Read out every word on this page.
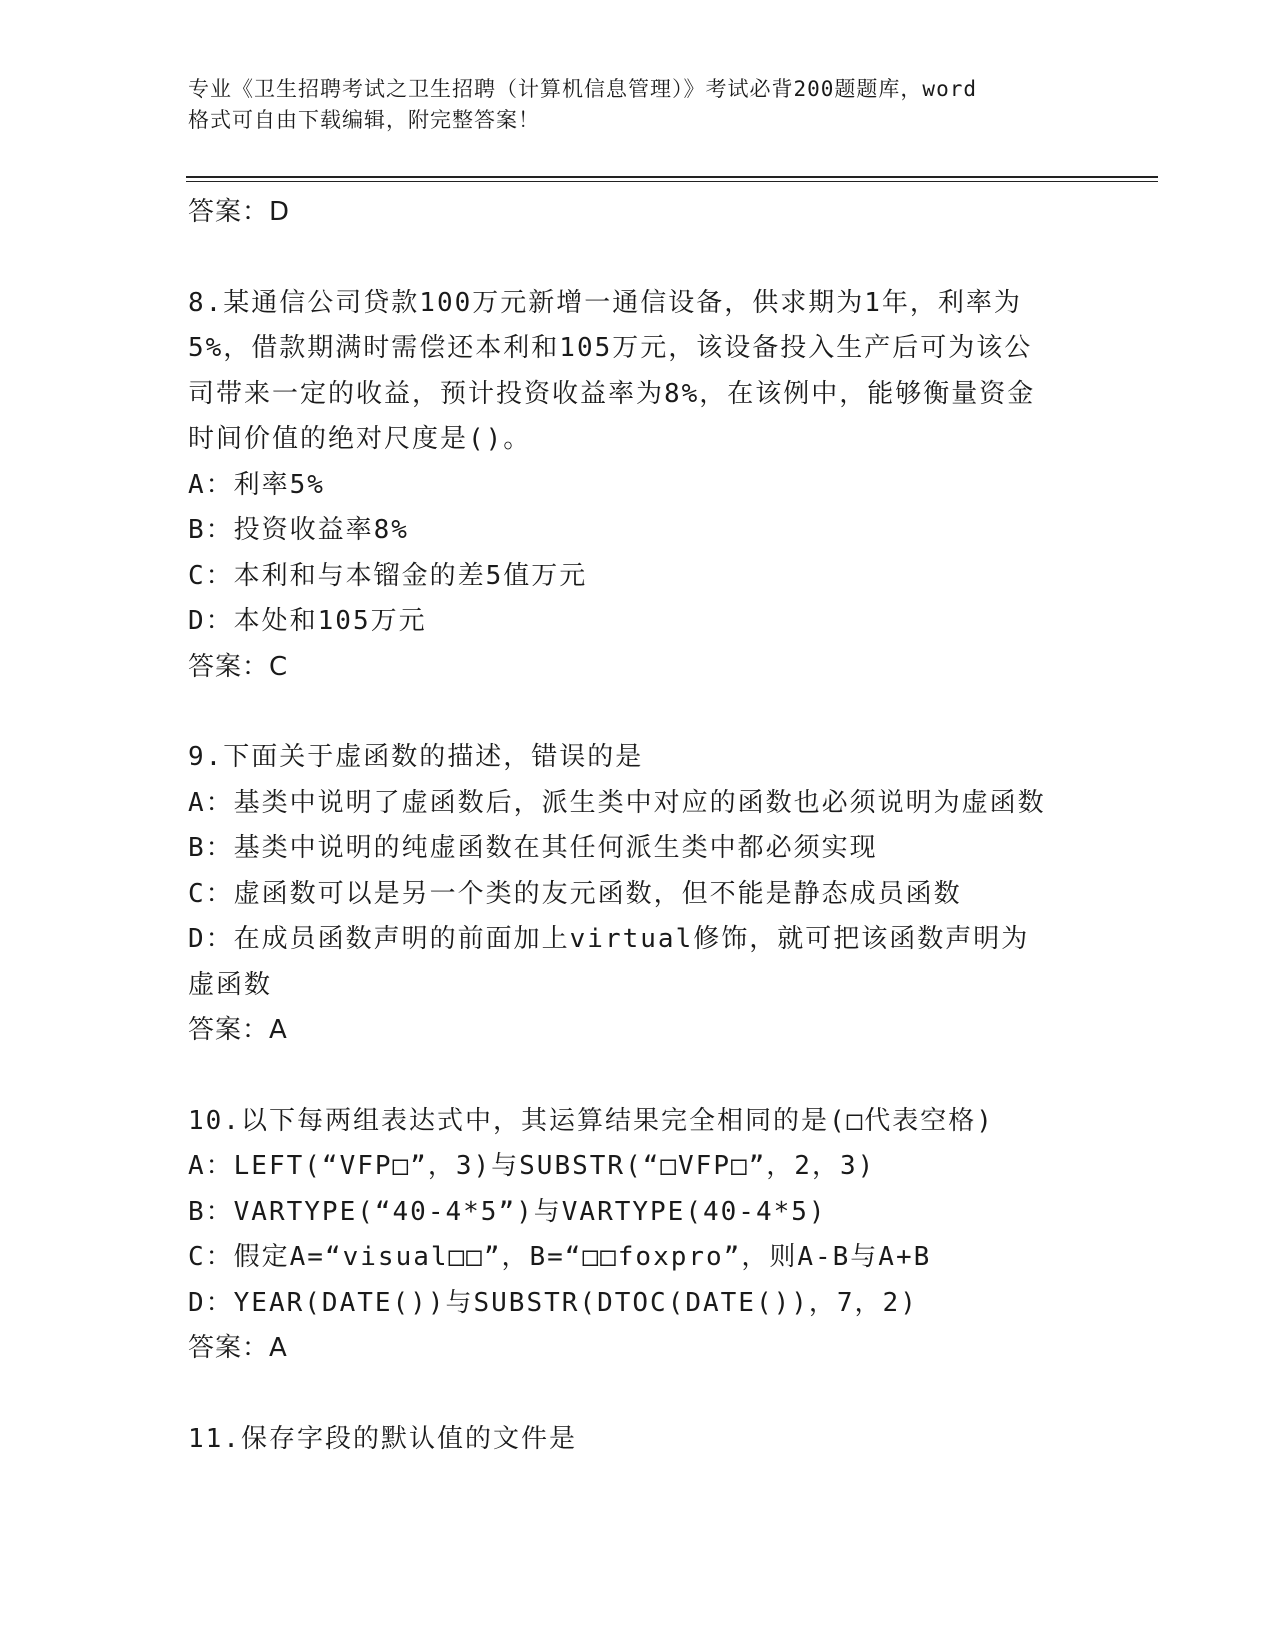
专业《卫生招聘考试之卫生招聘（计算机信息管理）》考试必背200题题库，word
格式可自由下载编辑，附完整答案！
答案：D
8.某通信公司贷款100万元新增一通信设备，供求期为1年，利率为
5%，借款期满时需偿还本利和105万元，该设备投入生产后可为该公
司带来一定的收益，预计投资收益率为8%，在该例中，能够衡量资金
时间价值的绝对尺度是()。
A：利率5%
B：投资收益率8%
C：本利和与本镏金的差5值万元
D：本处和105万元
答案：C
9.下面关于虚函数的描述，错误的是
A：基类中说明了虚函数后，派生类中对应的函数也必须说明为虚函数
B：基类中说明的纯虚函数在其任何派生类中都必须实现
C：虚函数可以是另一个类的友元函数，但不能是静态成员函数
D：在成员函数声明的前面加上virtual修饰，就可把该函数声明为虚函数
答案：A
10.以下每两组表达式中，其运算结果完全相同的是(□代表空格)
A：LEFT(“VFP□”，3)与SUBSTR(“□VFP□”，2，3)
B：VARTYPE(“40-4*5”)与VARTYPE(40-4*5)
C：假定A=“visual□□”，B=“□□foxpro”，则A-B与A+B
D：YEAR(DATE())与SUBSTR(DTOC(DATE())，7，2)
答案：A
11.保存字段的默认值的文件是
